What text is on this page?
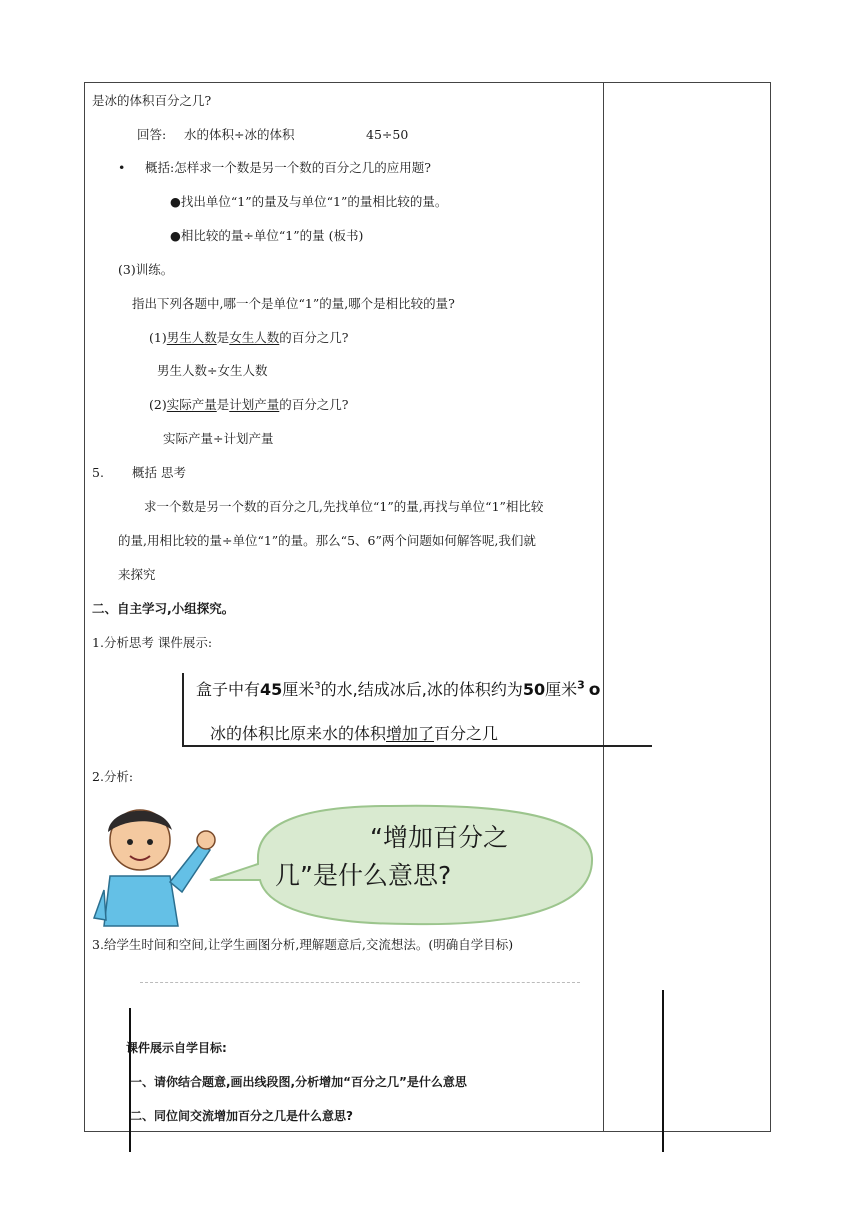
是冰的体积百分之几?
回答: 水的体积÷冰的体积	45÷50
• 概括:怎样求一个数是另一个数的百分之几的应用题?
●找出单位“1”的量及与单位“1”的量相比较的量。
●相比较的量÷单位“1”的量 (板书)
(3)训练。
指出下列各题中,哪一个是单位“1”的量,哪个是相比较的量?
(1)男生人数是女生人数的百分之几?
男生人数÷女生人数
(2)实际产量是计划产量的百分之几?
实际产量÷计划产量
5. 概括 思考
求一个数是另一个数的百分之几,先找单位“1”的量,再找与单位“1”相比较
的量,用相比较的量÷单位“1”的量。那么“5、6”两个问题如何解答呢,我们就
来探究
二、自主学习,小组探究。
1.分析思考 课件展示:
盒子中有45厘米$^3$的水,结成冰后,冰的体积约为50厘米$^3$ o
冰的体积比原来水的体积增加了百分之几
2.分析:
“增加百分之
几”是什么意思?
3.给学生时间和空间,让学生画图分析,理解题意后,交流想法。(明确自学目标)
课件展示自学目标:
一、请你结合题意,画出线段图,分析增加“百分之几”是什么意思
二、同位间交流增加百分之几是什么意思?
